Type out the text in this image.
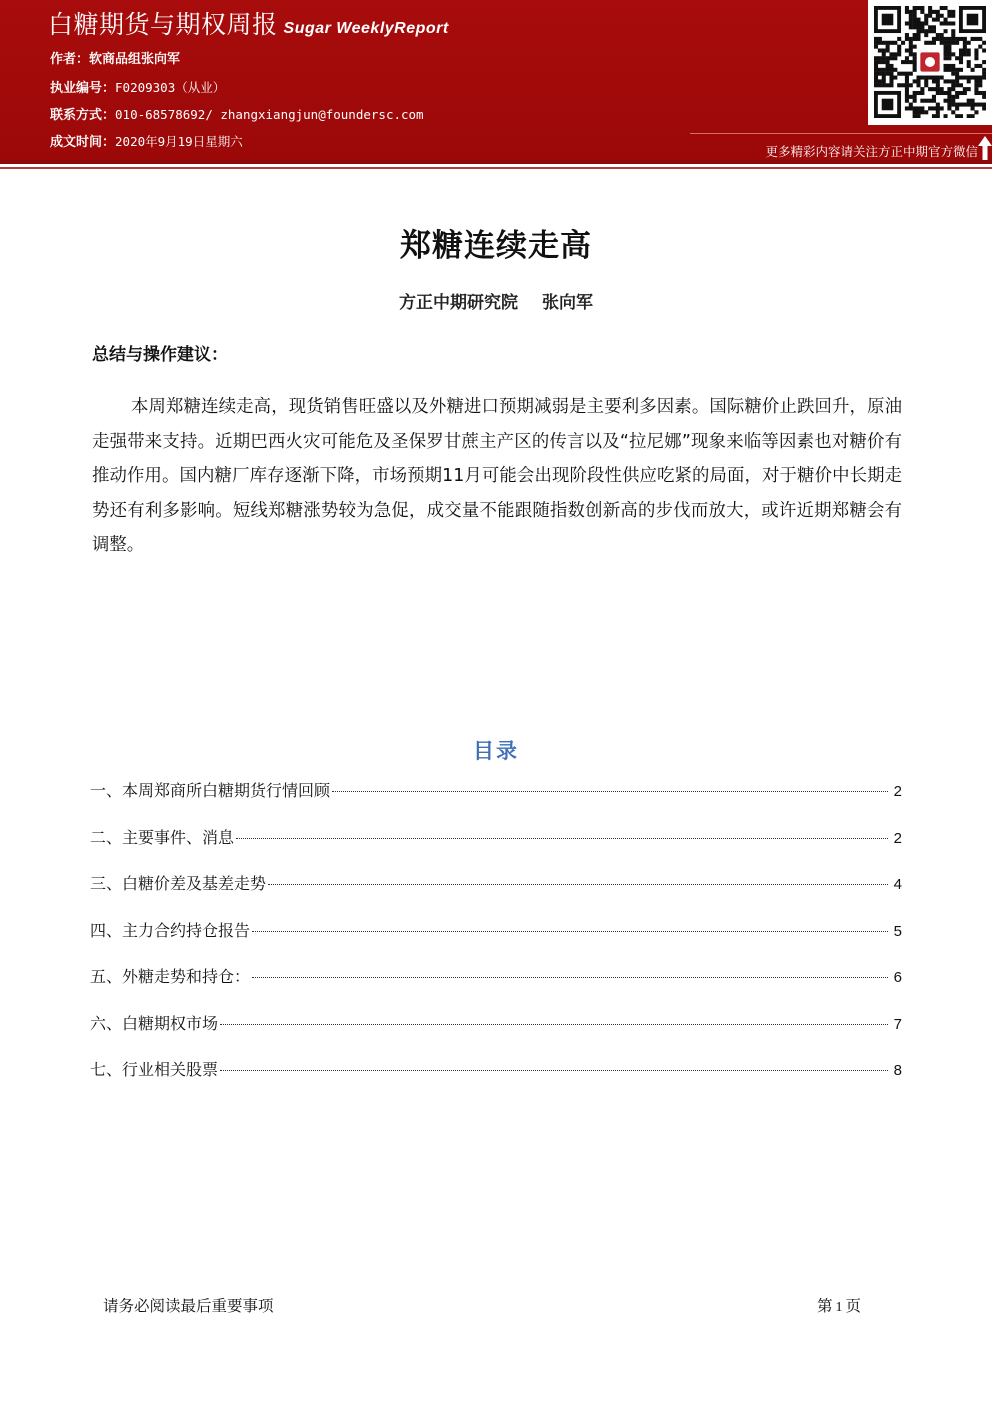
白糖期货与期权周报 Sugar WeeklyReport
作者：软商品组张向军
执业编号：F0209303（从业）
联系方式：010-68578692/ zhangxiangjun@foundersc.com
成文时间：2020年9月19日星期六
更多精彩内容请关注方正中期官方微信
郑糖连续走高
方正中期研究院 张向军
总结与操作建议：

本周郑糖连续走高，现货销售旺盛以及外糖进口预期减弱是主要利多因素。国际糖价止跌回升，原油走强带来支持。近期巴西火灾可能危及圣保罗甘蔗主产区的传言以及“拉尼娜”现象来临等因素也对糖价有推动作用。国内糖厂库存逐渐下降，市场预期11月可能会出现阶段性供应吃紧的局面，对于糖价中长期走势还有利多影响。短线郑糖涨势较为急促，成交量不能跟随指数创新高的步伐而放大，或许近期郑糖会有调整。

目录
一、本周郑商所白糖期货行情回顾	2
二、主要事件、消息	2
三、白糖价差及基差走势	4
四、主力合约持仓报告	5
五、外糖走势和持仓：	6
六、白糖期权市场	7
七、行业相关股票	8
请务必阅读最后重要事项	第 1 页
